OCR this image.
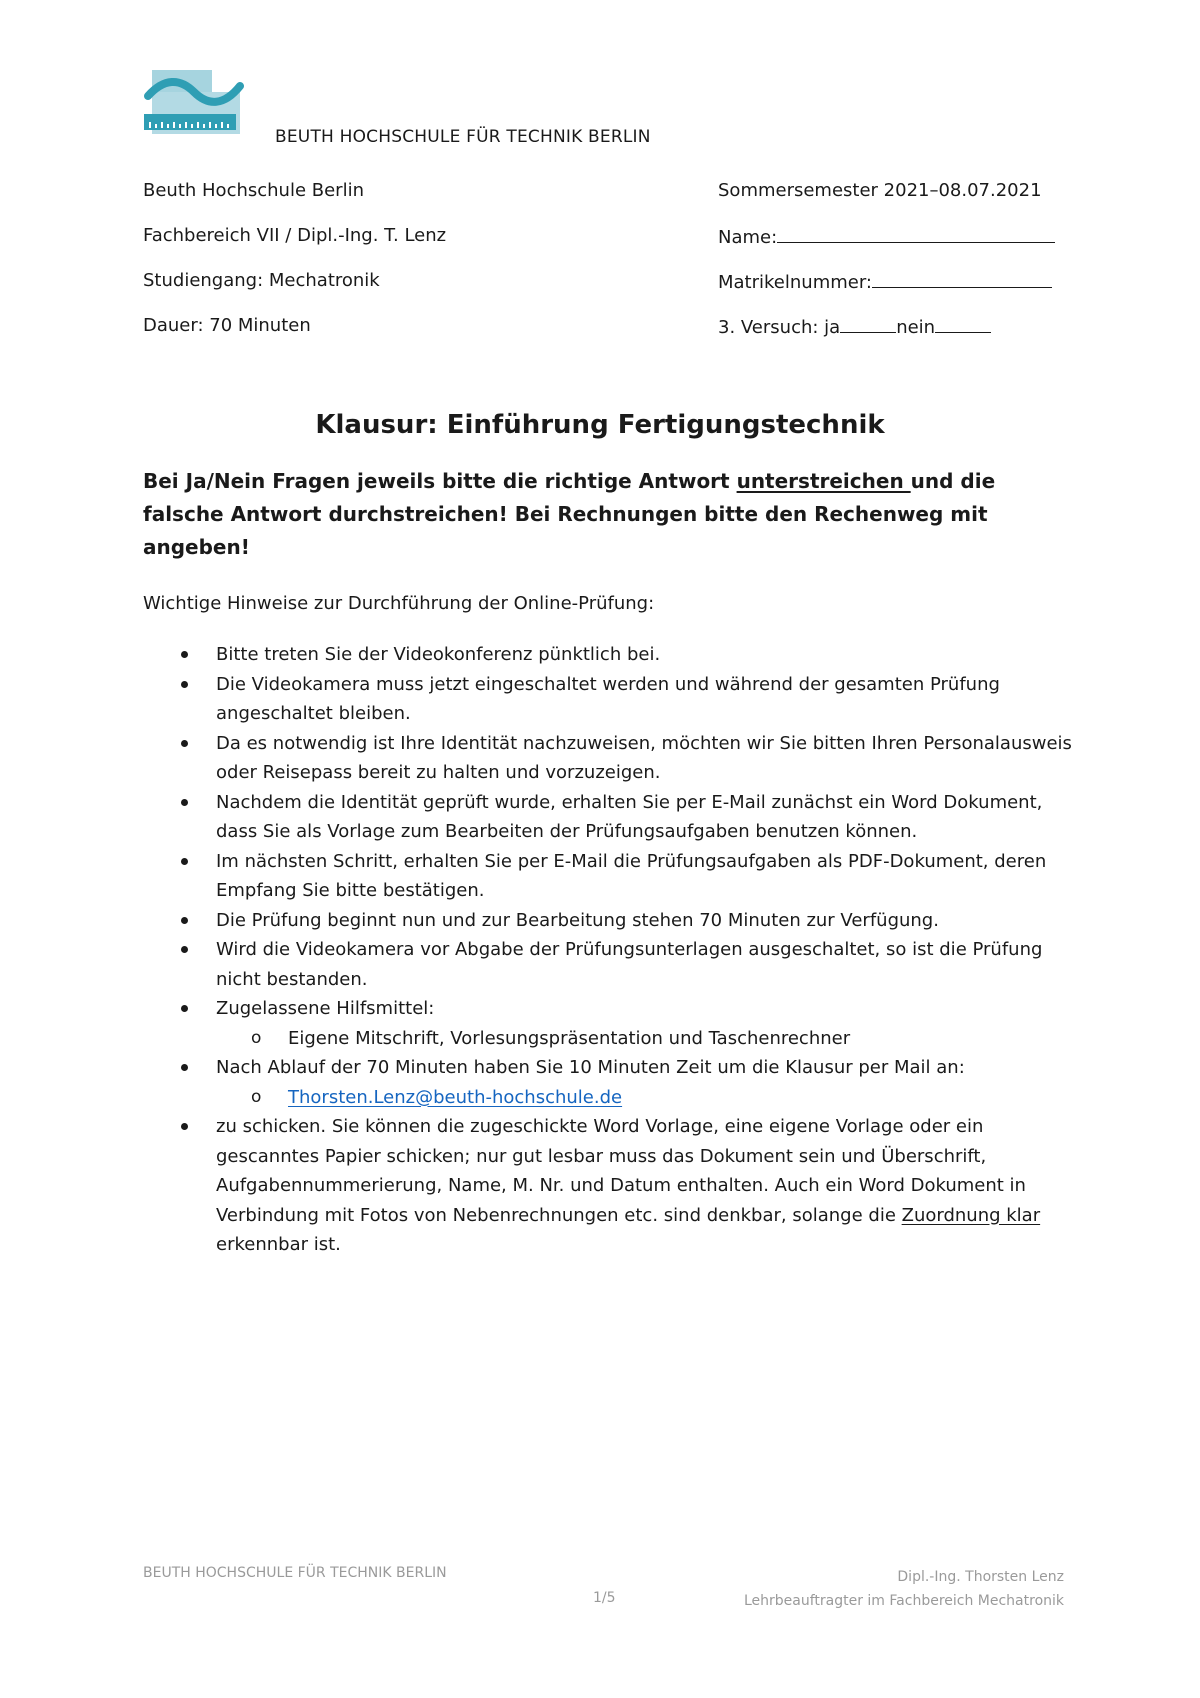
BEUTH HOCHSCHULE FÜR TECHNIK BERLIN
Beuth Hochschule Berlin
Fachbereich VII / Dipl.-Ing. T. Lenz
Studiengang: Mechatronik
Dauer: 70 Minuten
Sommersemester 2021–08.07.2021
Name:
Matrikelnummer:
3. Versuch: ja	nein
Klausur: Einführung Fertigungstechnik

Bei Ja/Nein Fragen jeweils bitte die richtige Antwort unterstreichen und die falsche Antwort durchstreichen! Bei Rechnungen bitte den Rechenweg mit angeben!

Wichtige Hinweise zur Durchführung der Online-Prüfung:

Bitte treten Sie der Videokonferenz pünktlich bei.
Die Videokamera muss jetzt eingeschaltet werden und während der gesamten Prüfung angeschaltet bleiben.
Da es notwendig ist Ihre Identität nachzuweisen, möchten wir Sie bitten Ihren Personalausweis oder Reisepass bereit zu halten und vorzuzeigen.
Nachdem die Identität geprüft wurde, erhalten Sie per E-Mail zunächst ein Word Dokument, dass Sie als Vorlage zum Bearbeiten der Prüfungsaufgaben benutzen können.
Im nächsten Schritt, erhalten Sie per E-Mail die Prüfungsaufgaben als PDF-Dokument, deren Empfang Sie bitte bestätigen.
Die Prüfung beginnt nun und zur Bearbeitung stehen 70 Minuten zur Verfügung.
Wird die Videokamera vor Abgabe der Prüfungsunterlagen ausgeschaltet, so ist die Prüfung nicht bestanden.
Zugelassene Hilfsmittel:
o Eigene Mitschrift, Vorlesungspräsentation und Taschenrechner
Nach Ablauf der 70 Minuten haben Sie 10 Minuten Zeit um die Klausur per Mail an:
o Thorsten.Lenz@beuth-hochschule.de
zu schicken. Sie können die zugeschickte Word Vorlage, eine eigene Vorlage oder ein gescanntes Papier schicken; nur gut lesbar muss das Dokument sein und Überschrift, Aufgabennummerierung, Name, M. Nr. und Datum enthalten. Auch ein Word Dokument in Verbindung mit Fotos von Nebenrechnungen etc. sind denkbar, solange die Zuordnung klar erkennbar ist.
BEUTH HOCHSCHULE FÜR TECHNIK BERLIN
1/5
Dipl.-Ing. Thorsten Lenz
Lehrbeauftragter im Fachbereich Mechatronik
